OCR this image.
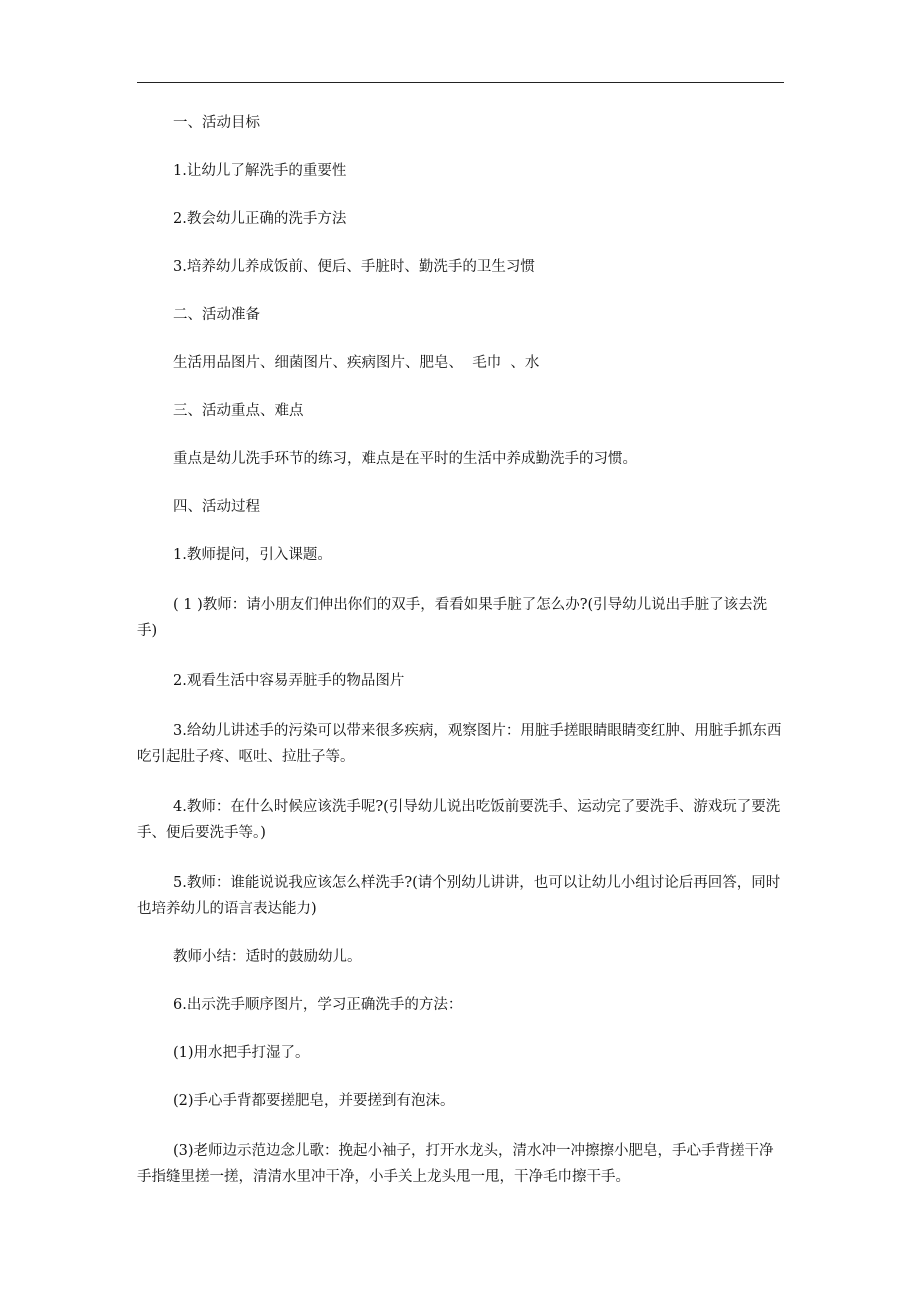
一、活动目标

1.让幼儿了解洗手的重要性

2.教会幼儿正确的洗手方法

3.培养幼儿养成饭前、便后、手脏时、勤洗手的卫生习惯

二、活动准备

生活用品图片、细菌图片、疾病图片、肥皂、  毛巾  、水

三、活动重点、难点

重点是幼儿洗手环节的练习，难点是在平时的生活中养成勤洗手的习惯。

四、活动过程

1.教师提问，引入课题。

( 1 )教师：请小朋友们伸出你们的双手，看看如果手脏了怎么办?(引导幼儿说出手脏了该去洗手)

2.观看生活中容易弄脏手的物品图片

3.给幼儿讲述手的污染可以带来很多疾病，观察图片：用脏手搓眼睛眼睛变红肿、用脏手抓东西吃引起肚子疼、呕吐、拉肚子等。

4.教师：在什么时候应该洗手呢?(引导幼儿说出吃饭前要洗手、运动完了要洗手、游戏玩了要洗手、便后要洗手等。)

5.教师：谁能说说我应该怎么样洗手?(请个别幼儿讲讲，也可以让幼儿小组讨论后再回答，同时也培养幼儿的语言表达能力)

教师小结：适时的鼓励幼儿。

6.出示洗手顺序图片，学习正确洗手的方法：

(1)用水把手打湿了。

(2)手心手背都要搓肥皂，并要搓到有泡沫。

(3)老师边示范边念儿歌：挽起小袖子，打开水龙头，清水冲一冲擦擦小肥皂，手心手背搓干净手指缝里搓一搓，清清水里冲干净，小手关上龙头甩一甩，干净毛巾擦干手。
